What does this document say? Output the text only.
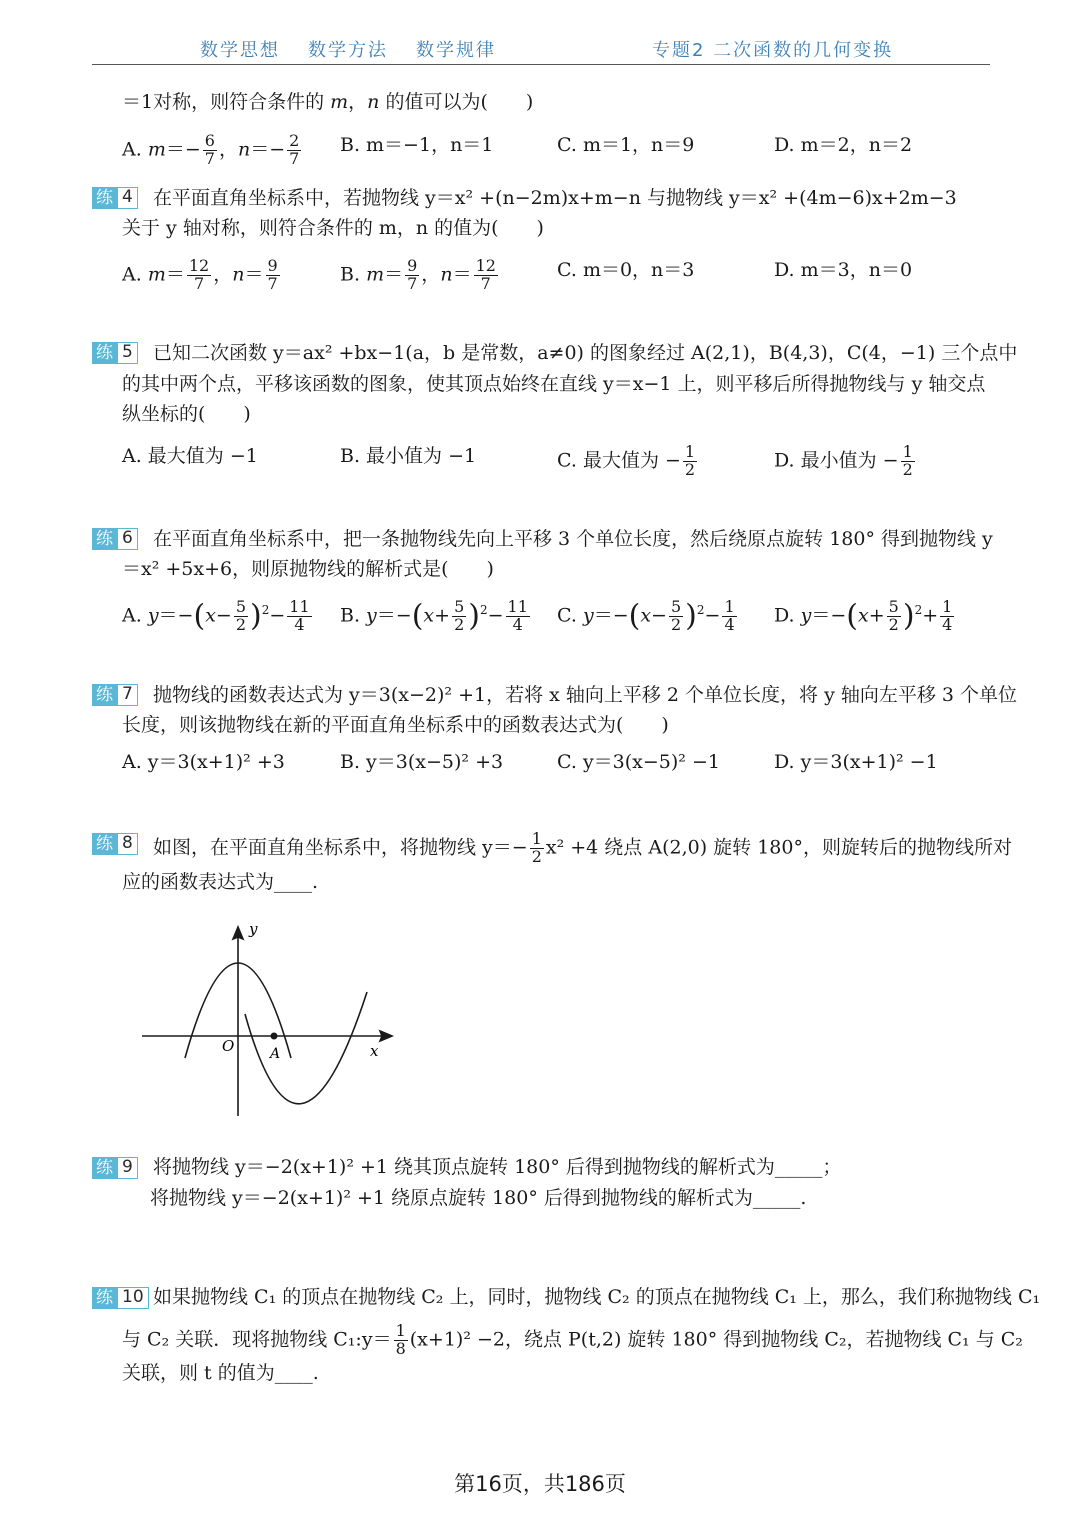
数学思想 数学方法 数学规律	专题2 二次函数的几何变换
＝1对称，则符合条件的 m，n 的值可以为(　　)
A. $m=- \frac{6}{7}$ ，$n=- \frac{2}{7} B$. m＝−1，n＝1	C. m＝1，n＝9	D. m＝2，n＝2
练 4 在平面直角坐标系中，若抛物线 y＝x² +(n−2m)x+m−n 与抛物线 y＝x² +(4m−6)x+2m−3
关于 y 轴对称，则符合条件的 m，n 的值为(　　)
A. $m= \frac{12}{7}$ ，$n= \frac{9}{7}$	B. $m= \frac{9}{7}$ ，$n= \frac{12}{7}$	C. m＝0，n＝3	D. m＝3，n＝0
练 5 已知二次函数 y＝ax² +bx−1(a，b 是常数，a≠0) 的图象经过 A(2,1)，B(4,3)，C(4，−1) 三个点中
的其中两个点，平移该函数的图象，使其顶点始终在直线 y＝x−1 上，则平移后所得抛物线与 y 轴交点
纵坐标的(　　)
A. 最大值为 −1	B. 最小值为 −1	C. 最大值为 − $\frac{1}{2}$	D. 最小值为 − $\frac{1}{2}$
练 6 在平面直角坐标系中，把一条抛物线先向上平移 3 个单位长度，然后绕原点旋转 180° 得到抛物线 y
＝x² +5x+6，则原抛物线的解析式是(　　)
A. $y=-(x- \frac{5}{2} )^2- \frac{11}{4} B$. $y=-(x+ \frac{5}{2} )^2- \frac{11}{4} C$. $y=-(x- \frac{5}{2} )^2- \frac{1}{4} D$. $y=-(x+ \frac{5}{2} )^2+ \frac{1}{4}$
练 7 抛物线的函数表达式为 y＝3(x−2)² +1，若将 x 轴向上平移 2 个单位长度，将 y 轴向左平移 3 个单位
长度，则该抛物线在新的平面直角坐标系中的函数表达式为(　　)
A. y＝3(x+1)² +3	B. y＝3(x−5)² +3	C. y＝3(x−5)² −1	D. y＝3(x+1)² −1
练 8 如图，在平面直角坐标系中，将抛物线 $y=- \frac{1}{2} x^2 +4$ 绕点 A(2,0) 旋转 180°，则旋转后的抛物线所对
应的函数表达式为____.
y
x
O	A
练 9 将抛物线 y＝−2(x+1)² +1 绕其顶点旋转 180° 后得到抛物线的解析式为_____；
将抛物线 y＝−2(x+1)² +1 绕原点旋转 180° 后得到抛物线的解析式为_____.
练 10 如果抛物线 C₁ 的顶点在抛物线 C₂ 上，同时，抛物线 C₂ 的顶点在抛物线 C₁ 上，那么，我们称抛物线 C₁
与 C₂ 关联．现将抛物线 C₁:y＝ $\frac{1}{8} (x+1)^2 -2$，绕点 P(t,2) 旋转 180° 得到抛物线 C₂，若抛物线 C₁ 与 C₂
关联，则 t 的值为____.
第16页，共186页
